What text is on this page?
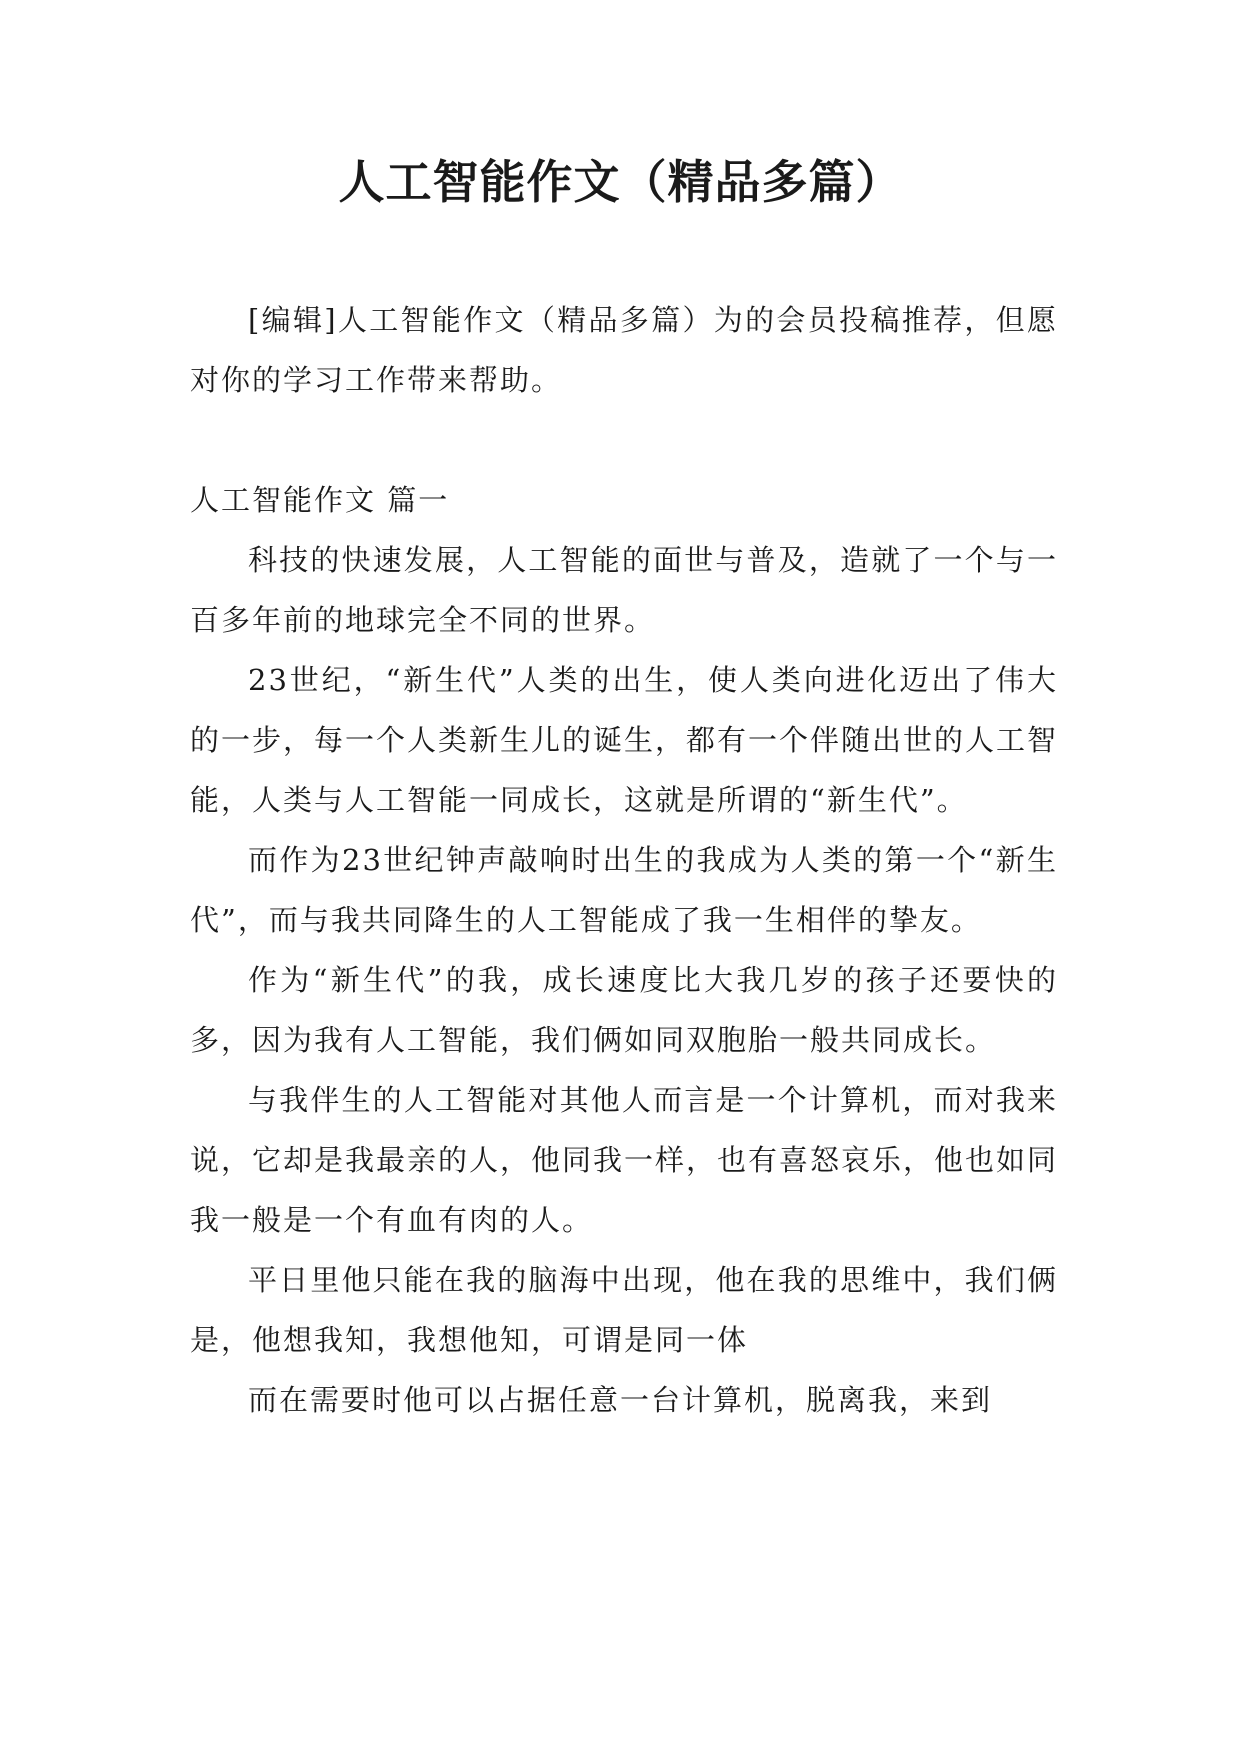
人工智能作文（精品多篇）

[编辑]人工智能作文（精品多篇）为的会员投稿推荐，但愿对你的学习工作带来帮助。

人工智能作文 篇一

科技的快速发展，人工智能的面世与普及，造就了一个与一百多年前的地球完全不同的世界。

23世纪，“新生代”人类的出生，使人类向进化迈出了伟大的一步，每一个人类新生儿的诞生，都有一个伴随出世的人工智能，人类与人工智能一同成长，这就是所谓的“新生代”。

而作为23世纪钟声敲响时出生的我成为人类的第一个“新生代”，而与我共同降生的人工智能成了我一生相伴的挚友。

作为“新生代”的我，成长速度比大我几岁的孩子还要快的多，因为我有人工智能，我们俩如同双胞胎一般共同成长。

与我伴生的人工智能对其他人而言是一个计算机，而对我来说，它却是我最亲的人，他同我一样，也有喜怒哀乐，他也如同我一般是一个有血有肉的人。

平日里他只能在我的脑海中出现，他在我的思维中，我们俩是，他想我知，我想他知，可谓是同一体

而在需要时他可以占据任意一台计算机，脱离我，来到
